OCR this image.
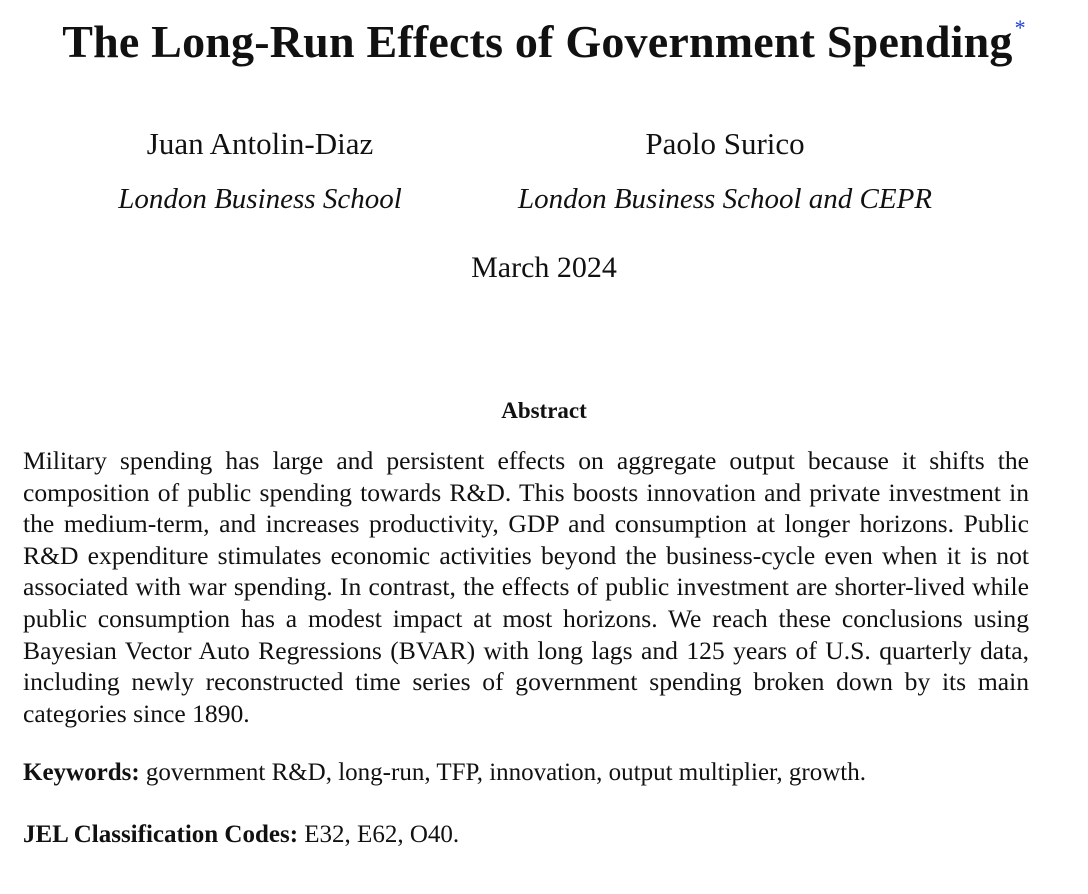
The Long-Run Effects of Government Spending*
Juan Antolin-Diaz
London Business School
Paolo Surico
London Business School and CEPR
March 2024
Abstract

Military spending has large and persistent effects on aggregate output because it shifts the composition of public spending towards R&D. This boosts innovation and private investment in the medium-term, and increases productivity, GDP and consumption at longer horizons. Public R&D expenditure stimulates economic activities beyond the business-cycle even when it is not associated with war spending. In contrast, the effects of public investment are shorter-lived while public consumption has a modest impact at most horizons. We reach these conclusions using Bayesian Vector Auto Regressions (BVAR) with long lags and 125 years of U.S. quarterly data, including newly reconstructed time series of government spending broken down by its main categories since 1890.

Keywords: government R&D, long-run, TFP, innovation, output multiplier, growth.

JEL Classification Codes: E32, E62, O40.
